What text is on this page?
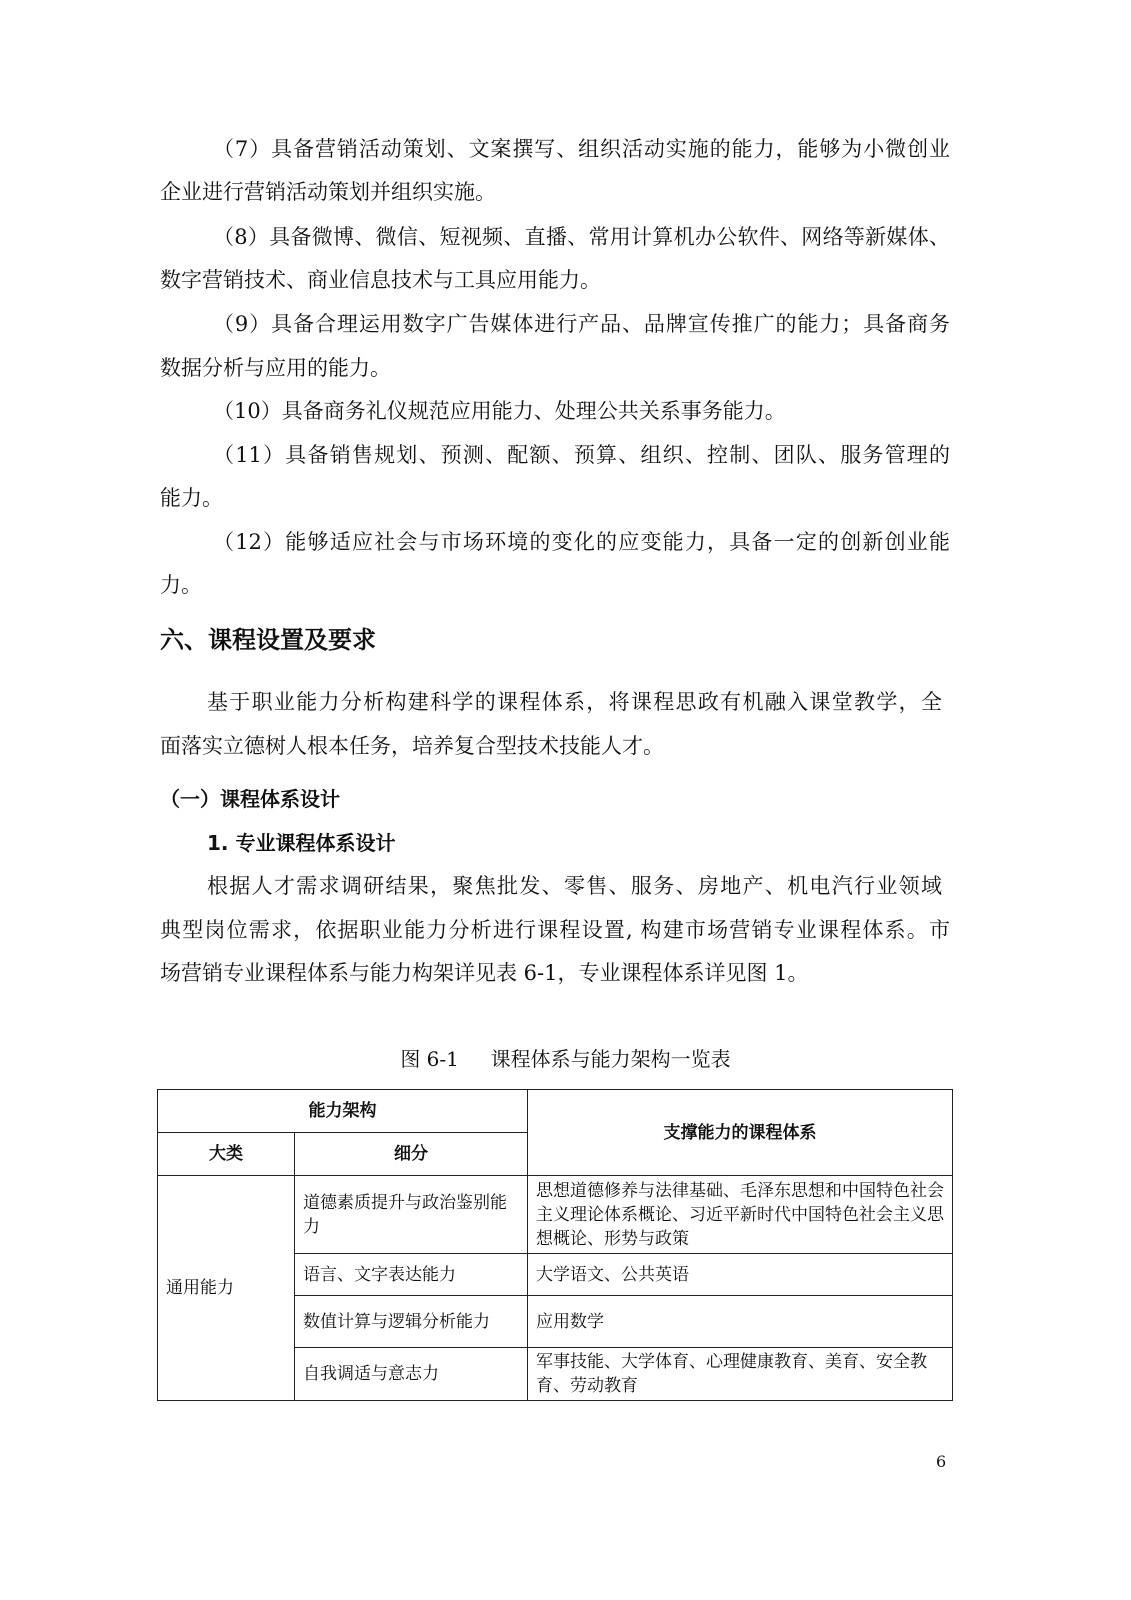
（7）具备营销活动策划、文案撰写、组织活动实施的能力，能够为小微创业
企业进行营销活动策划并组织实施。
（8）具备微博、微信、短视频、直播、常用计算机办公软件、网络等新媒体、
数字营销技术、商业信息技术与工具应用能力。
（9）具备合理运用数字广告媒体进行产品、品牌宣传推广的能力；具备商务
数据分析与应用的能力。
（10）具备商务礼仪规范应用能力、处理公共关系事务能力。
（11）具备销售规划、预测、配额、预算、组织、控制、团队、服务管理的
能力。
（12）能够适应社会与市场环境的变化的应变能力，具备一定的创新创业能
力。
六、课程设置及要求
基于职业能力分析构建科学的课程体系，将课程思政有机融入课堂教学，全
面落实立德树人根本任务，培养复合型技术技能人才。
（一）课程体系设计
1. 专业课程体系设计
根据人才需求调研结果，聚焦批发、零售、服务、房地产、机电汽行业领域
典型岗位需求，依据职业能力分析进行课程设置, 构建市场营销专业课程体系。市
场营销专业课程体系与能力构架详见表 6-1，专业课程体系详见图 1。
图 6-1     课程体系与能力架构一览表
能力架构		支撑能力的课程体系
大类	细分	
通用能力	道德素质提升与政治鉴别能力	思想道德修养与法律基础、毛泽东思想和中国特色社会主义理论体系概论、习近平新时代中国特色社会主义思想概论、形势与政策
	语言、文字表达能力	大学语文、公共英语
	数值计算与逻辑分析能力	应用数学
	自我调适与意志力	军事技能、大学体育、心理健康教育、美育、安全教育、劳动教育
6
